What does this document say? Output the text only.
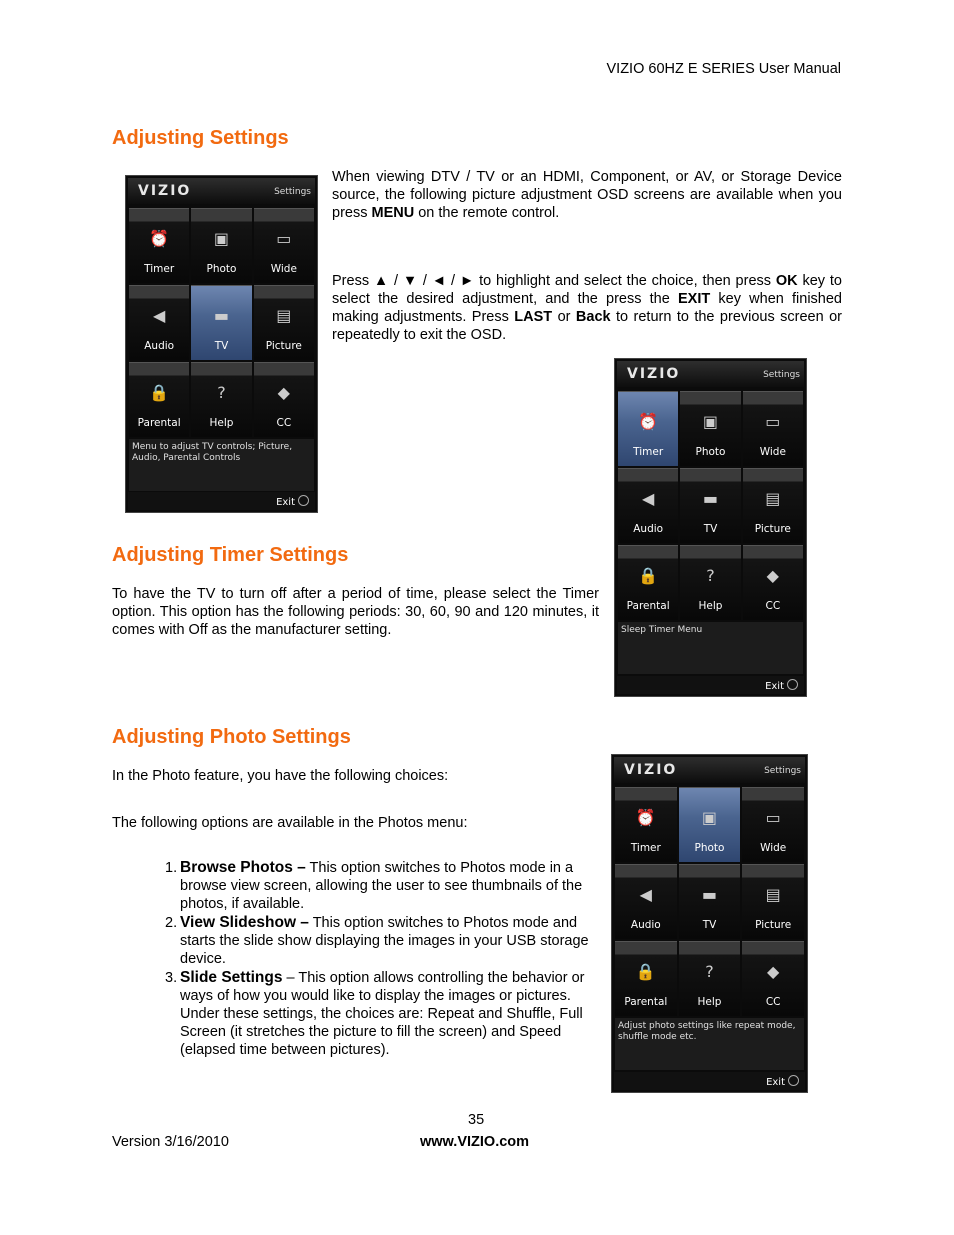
VIZIO 60HZ E SERIES User Manual
Adjusting Settings
VIZIO	Settings
⏰
Timer
▣
Photo
▭
Wide
◀
Audio
▬
TV
▤
Picture
🔒
Parental
?
Help
◆
CC
Menu to adjust TV controls; Picture, Audio, Parental Controls
Exit
When viewing DTV / TV or an HDMI, Component, or AV, or Storage Device source, the following picture adjustment OSD screens are available when you press MENU on the remote control.
Press ▲ / ▼ / ◄ / ► to highlight and select the choice, then press OK key to select the desired adjustment, and the press the EXIT key when finished making adjustments. Press LAST or Back to return to the previous screen or repeatedly to exit the OSD.
Adjusting Timer Settings
To have the TV to turn off after a period of time, please select the Timer option. This option has the following periods: 30, 60, 90 and 120 minutes, it comes with Off as the manufacturer setting.
VIZIO	Settings
⏰
Timer
▣
Photo
▭
Wide
◀
Audio
▬
TV
▤
Picture
🔒
Parental
?
Help
◆
CC
Sleep Timer Menu
Exit
Adjusting Photo Settings
In the Photo feature, you have the following choices:
The following options are available in the Photos menu:
1. Browse Photos – This option switches to Photos mode in a browse view screen, allowing the user to see thumbnails of the photos, if available.
2. View Slideshow – This option switches to Photos mode and starts the slide show displaying the images in your USB storage device.
3. Slide Settings – This option allows controlling the behavior or ways of how you would like to display the images or pictures. Under these settings, the choices are: Repeat and Shuffle, Full Screen (it stretches the picture to fill the screen) and Speed (elapsed time between pictures).
VIZIO	Settings
⏰
Timer
▣
Photo
▭
Wide
◀
Audio
▬
TV
▤
Picture
🔒
Parental
?
Help
◆
CC
Adjust photo settings like repeat mode, shuffle mode etc.
Exit
35
Version 3/16/2010	www.VIZIO.com
